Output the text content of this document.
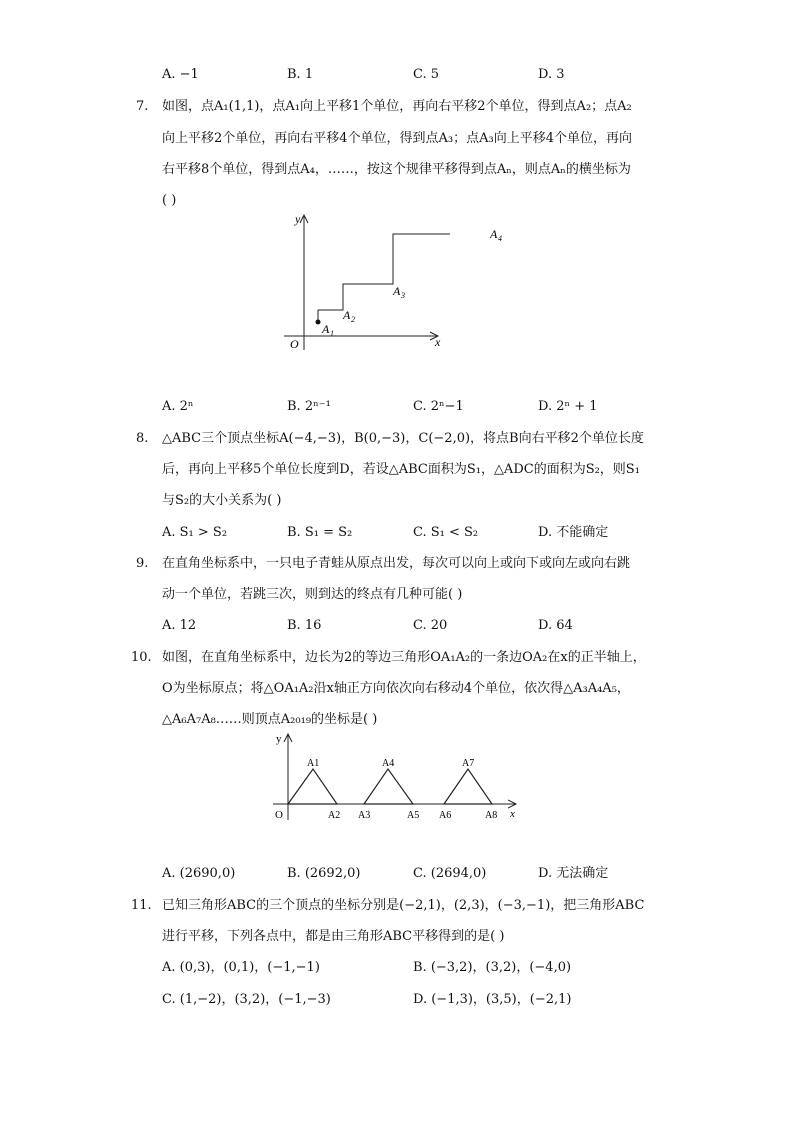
A. −1	B. 1	C. 5	D. 3
7. 如图，点A₁(1,1)，点A₁向上平移1个单位，再向右平移2个单位，得到点A₂；点A₂
向上平移2个单位，再向右平移4个单位，得到点A₃；点A₃向上平移4个单位，再向
右平移8个单位，得到点A₄，……，按这个规律平移得到点Aₙ，则点Aₙ的横坐标为
( )
y
x
O
A 1
A 2
A 3
A 4
A. 2ⁿ	B. 2ⁿ⁻¹	C. 2ⁿ−1	D. 2ⁿ + 1
8. △ABC三个顶点坐标A(−4,−3)，B(0,−3)，C(−2,0)，将点B向右平移2个单位长度
后，再向上平移5个单位长度到D，若设△ABC面积为S₁，△ADC的面积为S₂，则S₁
与S₂的大小关系为( )
A. S₁ > S₂	B. S₁ = S₂	C. S₁ < S₂	D. 不能确定
9. 在直角坐标系中，一只电子青蛙从原点出发，每次可以向上或向下或向左或向右跳
动一个单位，若跳三次，则到达的终点有几种可能( )
A. 12	B. 16	C. 20	D. 64
10. 如图，在直角坐标系中，边长为2的等边三角形OA₁A₂的一条边OA₂在x的正半轴上，
O为坐标原点；将△OA₁A₂沿x轴正方向依次向右移动4个单位，依次得△A₃A₄A₅，
△A₆A₇A₈……则顶点A₂₀₁₉的坐标是( )
y
x
O
A1
A2 A3
A4
A5 A6
A7
A8
A. (2690,0)	B. (2692,0)	C. (2694,0)	D. 无法确定
11. 已知三角形ABC的三个顶点的坐标分别是(−2,1)，(2,3)，(−3,−1)，把三角形ABC
进行平移，下列各点中，都是由三角形ABC平移得到的是( )
A. (0,3)，(0,1)，(−1,−1)	B. (−3,2)，(3,2)，(−4,0)
C. (1,−2)，(3,2)，(−1,−3)	D. (−1,3)，(3,5)，(−2,1)
